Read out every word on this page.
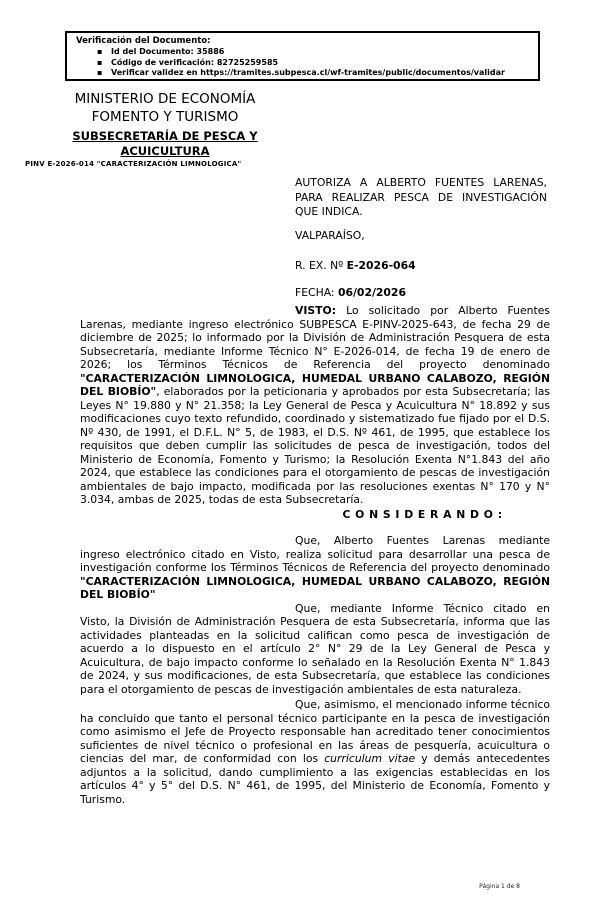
Verificación del Documento:
▪ Id del Documento: 35886
▪ Código de verificación: 82725259585
▪ Verificar validez en https://tramites.subpesca.cl/wf-tramites/public/documentos/validar
MINISTERIO DE ECONOMÍA
FOMENTO Y TURISMO
SUBSECRETARÍA DE PESCA Y ACUICULTURA
PINV E-2026-014 "CARACTERIZACIÓN LIMNOLOGICA"
AUTORIZA A ALBERTO FUENTES LARENAS, PARA REALIZAR PESCA DE INVESTIGACIÓN QUE INDICA.
VALPARAÍSO,
R. EX. Nº E-2026-064
FECHA: 06/02/2026

VISTO: Lo solicitado por Alberto Fuentes Larenas, mediante ingreso electrónico SUBPESCA E-PINV-2025-643, de fecha 29 de diciembre de 2025; lo informado por la División de Administración Pesquera de esta Subsecretaría, mediante Informe Técnico N° E-2026-014, de fecha 19 de enero de 2026; los Términos Técnicos de Referencia del proyecto denominado "CARACTERIZACIÓN LIMNOLOGICA, HUMEDAL URBANO CALABOZO, REGIÓN DEL BIOBÍO", elaborados por la peticionaria y aprobados por esta Subsecretaría; las Leyes N° 19.880 y N° 21.358; la Ley General de Pesca y Acuicultura N° 18.892 y sus modificaciones cuyo texto refundido, coordinado y sistematizado fue fijado por el D.S. Nº 430, de 1991, el D.F.L. N° 5, de 1983, el D.S. Nº 461, de 1995, que establece los requisitos que deben cumplir las solicitudes de pesca de investigación, todos del Ministerio de Economía, Fomento y Turismo; la Resolución Exenta N°1.843 del año 2024, que establece las condiciones para el otorgamiento de pescas de investigación ambientales de bajo impacto, modificada por las resoluciones exentas N° 170 y N° 3.034, ambas de 2025, todas de esta Subsecretaría.

C O N S I D E R A N D O :

Que, Alberto Fuentes Larenas mediante ingreso electrónico citado en Visto, realiza solicitud para desarrollar una pesca de investigación conforme los Términos Técnicos de Referencia del proyecto denominado "CARACTERIZACIÓN LIMNOLOGICA, HUMEDAL URBANO CALABOZO, REGIÓN DEL BIOBÍO"

Que, mediante Informe Técnico citado en Visto, la División de Administración Pesquera de esta Subsecretaría, informa que las actividades planteadas en la solicitud califican como pesca de investigación de acuerdo a lo dispuesto en el artículo 2° N° 29 de la Ley General de Pesca y Acuicultura, de bajo impacto conforme lo señalado en la Resolución Exenta N° 1.843 de 2024, y sus modificaciones, de esta Subsecretaría, que establece las condiciones para el otorgamiento de pescas de investigación ambientales de esta naturaleza.

Que, asimismo, el mencionado informe técnico ha concluido que tanto el personal técnico participante en la pesca de investigación como asimismo el Jefe de Proyecto responsable han acreditado tener conocimientos suficientes de nivel técnico o profesional en las áreas de pesquería, acuicultura o ciencias del mar, de conformidad con los curriculum vitae y demás antecedentes adjuntos a la solicitud, dando cumplimiento a las exigencias establecidas en los artículos 4° y 5° del D.S. N° 461, de 1995, del Ministerio de Economía, Fomento y Turismo.

Página 1 de 8
